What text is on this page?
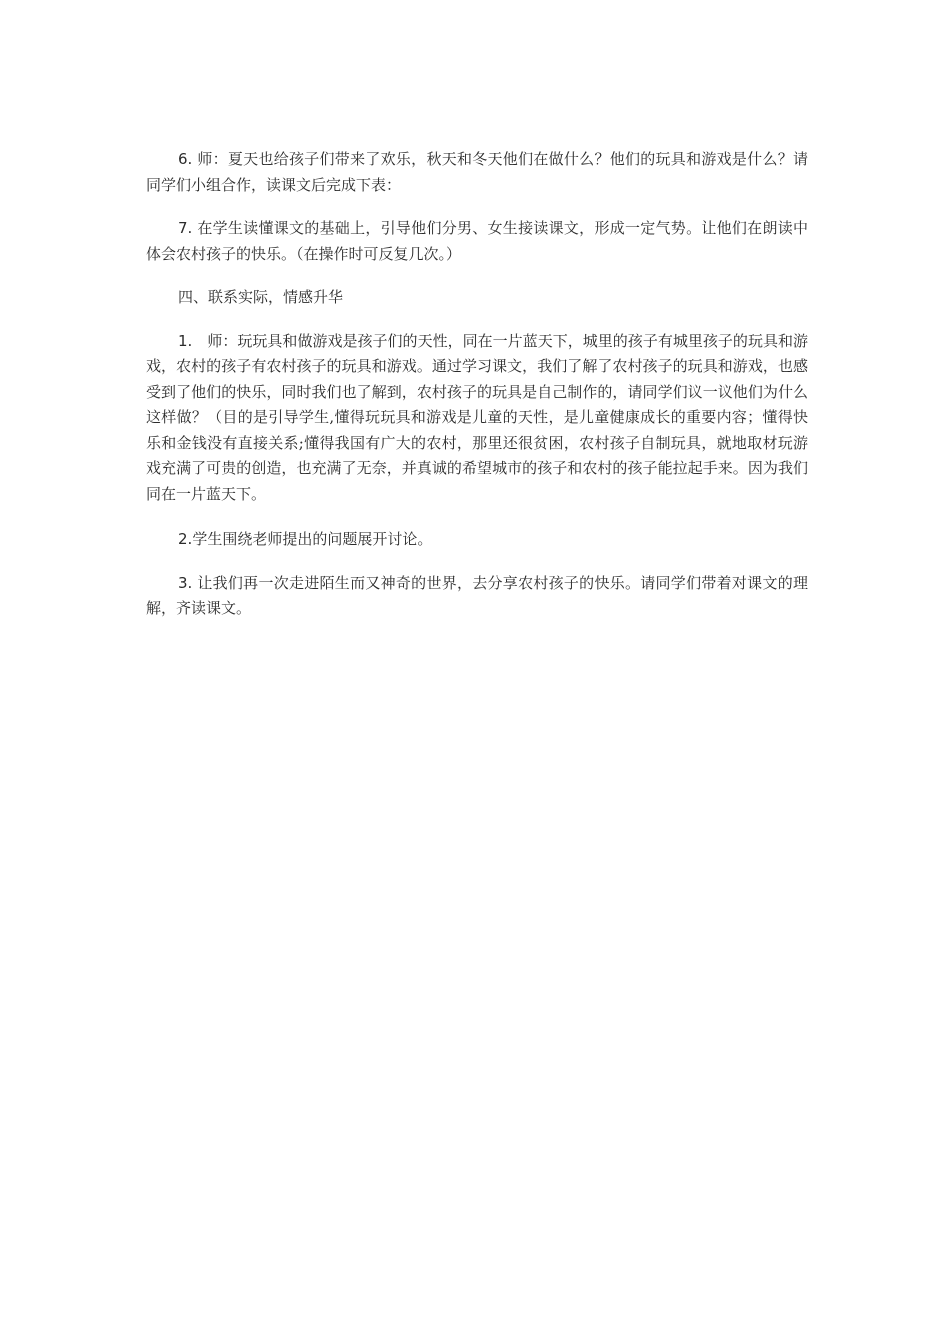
6. 师：夏天也给孩子们带来了欢乐，秋天和冬天他们在做什么？他们的玩具和游戏是什么？请同学们小组合作，读课文后完成下表：

7. 在学生读懂课文的基础上，引导他们分男、女生接读课文，形成一定气势。让他们在朗读中体会农村孩子的快乐。（在操作时可反复几次。）

四、联系实际，情感升华

1.　师：玩玩具和做游戏是孩子们的天性，同在一片蓝天下，城里的孩子有城里孩子的玩具和游戏，农村的孩子有农村孩子的玩具和游戏。通过学习课文，我们了解了农村孩子的玩具和游戏，也感受到了他们的快乐，同时我们也了解到，农村孩子的玩具是自己制作的，请同学们议一议他们为什么这样做？（目的是引导学生,懂得玩玩具和游戏是儿童的天性，是儿童健康成长的重要内容；懂得快乐和金钱没有直接关系;懂得我国有广大的农村，那里还很贫困，农村孩子自制玩具，就地取材玩游戏充满了可贵的创造，也充满了无奈，并真诚的希望城市的孩子和农村的孩子能拉起手来。因为我们同在一片蓝天下。

2.学生围绕老师提出的问题展开讨论。

3. 让我们再一次走进陌生而又神奇的世界，去分享农村孩子的快乐。请同学们带着对课文的理解，齐读课文。
